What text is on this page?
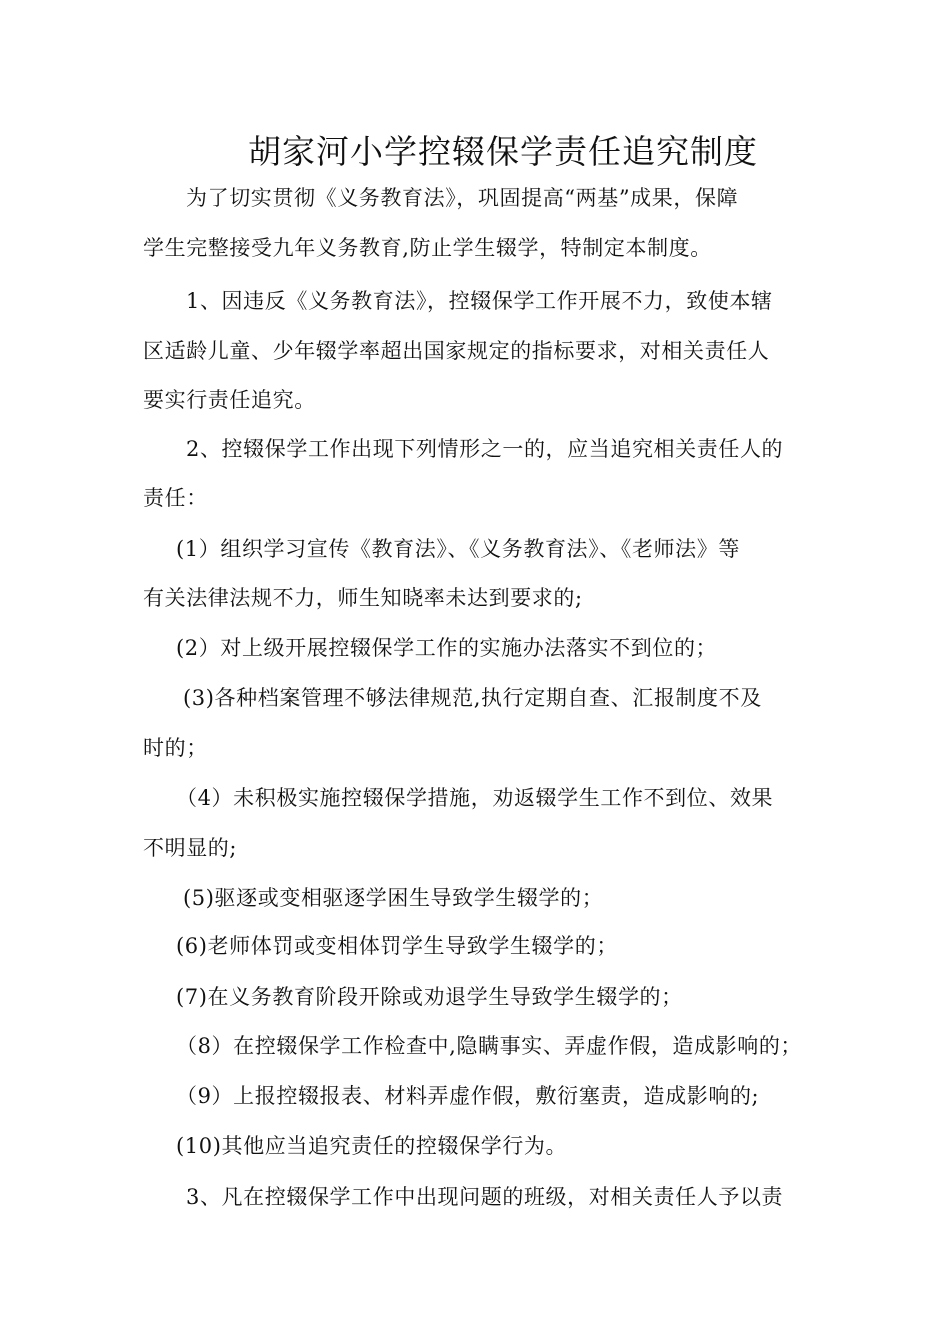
胡家河小学控辍保学责任追究制度
为了切实贯彻《义务教育法》，巩固提高“两基”成果，保障
学生完整接受九年义务教育,防止学生辍学，特制定本制度。
1、因违反《义务教育法》，控辍保学工作开展不力，致使本辖
区适龄儿童、少年辍学率超出国家规定的指标要求，对相关责任人
要实行责任追究。
2、控辍保学工作出现下列情形之一的，应当追究相关责任人的
责任：
(1）组织学习宣传《教育法》、《义务教育法》、《老师法》等
有关法律法规不力，师生知晓率未达到要求的;
(2）对上级开展控辍保学工作的实施办法落实不到位的；
(3)各种档案管理不够法律规范,执行定期自查、汇报制度不及
时的；
（4）未积极实施控辍保学措施，劝返辍学生工作不到位、效果
不明显的;
(5)驱逐或变相驱逐学困生导致学生辍学的；
(6)老师体罚或变相体罚学生导致学生辍学的；
(7)在义务教育阶段开除或劝退学生导致学生辍学的；
（8）在控辍保学工作检查中,隐瞒事实、弄虚作假，造成影响的；
（9）上报控辍报表、材料弄虚作假，敷衍塞责，造成影响的;
(10)其他应当追究责任的控辍保学行为。
3、凡在控辍保学工作中出现问题的班级，对相关责任人予以责
